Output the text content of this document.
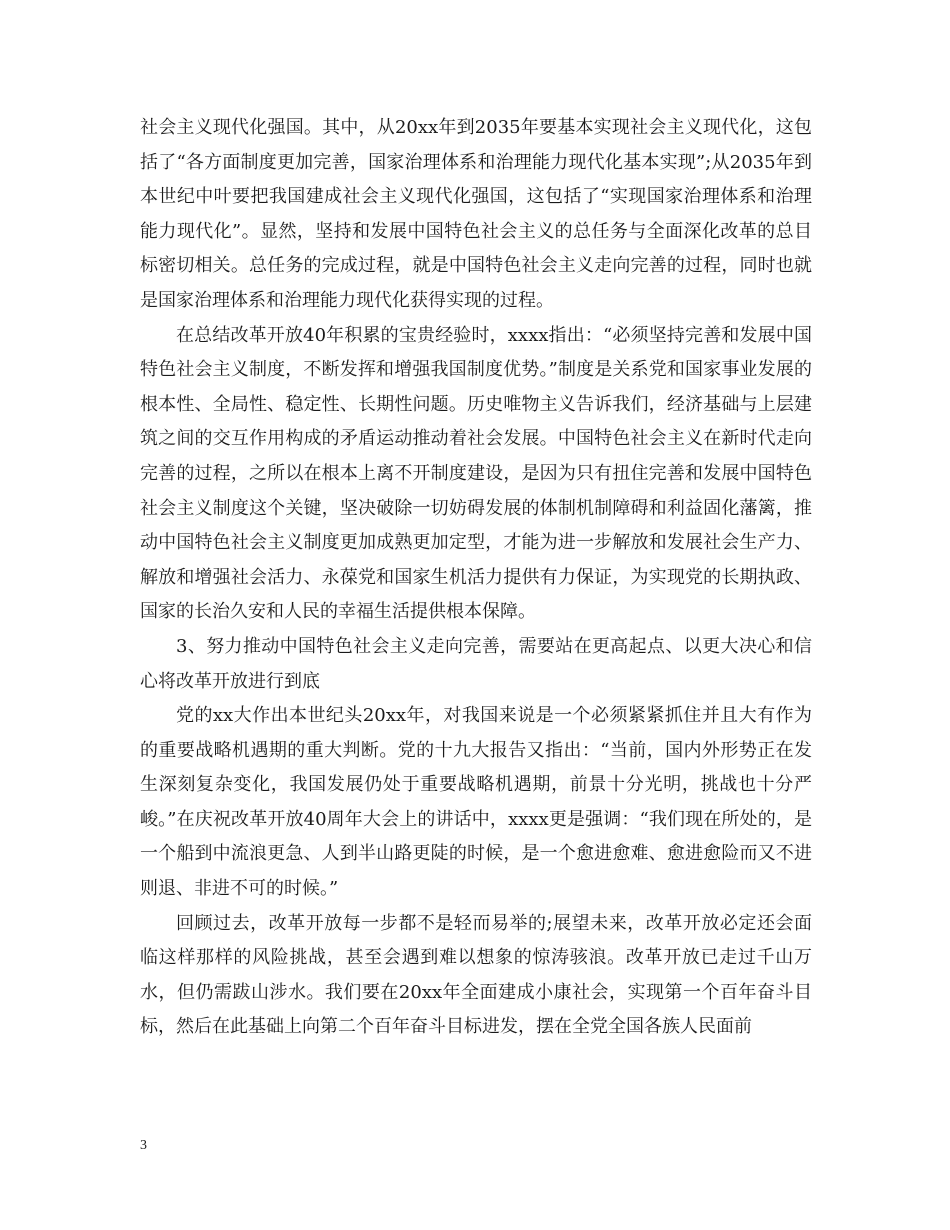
社会主义现代化强国。其中，从20xx年到2035年要基本实现社会主义现代化，这包括了“各方面制度更加完善，国家治理体系和治理能力现代化基本实现”;从2035年到本世纪中叶要把我国建成社会主义现代化强国，这包括了“实现国家治理体系和治理能力现代化”。显然，坚持和发展中国特色社会主义的总任务与全面深化改革的总目标密切相关。总任务的完成过程，就是中国特色社会主义走向完善的过程，同时也就是国家治理体系和治理能力现代化获得实现的过程。

在总结改革开放40年积累的宝贵经验时，xxxx指出：“必须坚持完善和发展中国特色社会主义制度，不断发挥和增强我国制度优势。”制度是关系党和国家事业发展的根本性、全局性、稳定性、长期性问题。历史唯物主义告诉我们，经济基础与上层建筑之间的交互作用构成的矛盾运动推动着社会发展。中国特色社会主义在新时代走向完善的过程，之所以在根本上离不开制度建设，是因为只有扭住完善和发展中国特色社会主义制度这个关键，坚决破除一切妨碍发展的体制机制障碍和利益固化藩篱，推动中国特色社会主义制度更加成熟更加定型，才能为进一步解放和发展社会生产力、解放和增强社会活力、永葆党和国家生机活力提供有力保证，为实现党的长期执政、国家的长治久安和人民的幸福生活提供根本保障。

3、努力推动中国特色社会主义走向完善，需要站在更高起点、以更大决心和信心将改革开放进行到底

党的xx大作出本世纪头20xx年，对我国来说是一个必须紧紧抓住并且大有作为的重要战略机遇期的重大判断。党的十九大报告又指出：“当前，国内外形势正在发生深刻复杂变化，我国发展仍处于重要战略机遇期，前景十分光明，挑战也十分严峻。”在庆祝改革开放40周年大会上的讲话中，xxxx更是强调：“我们现在所处的，是一个船到中流浪更急、人到半山路更陡的时候，是一个愈进愈难、愈进愈险而又不进则退、非进不可的时候。”

回顾过去，改革开放每一步都不是轻而易举的;展望未来，改革开放必定还会面临这样那样的风险挑战，甚至会遇到难以想象的惊涛骇浪。改革开放已走过千山万水，但仍需跋山涉水。我们要在20xx年全面建成小康社会，实现第一个百年奋斗目标，然后在此基础上向第二个百年奋斗目标进发，摆在全党全国各族人民面前

3
